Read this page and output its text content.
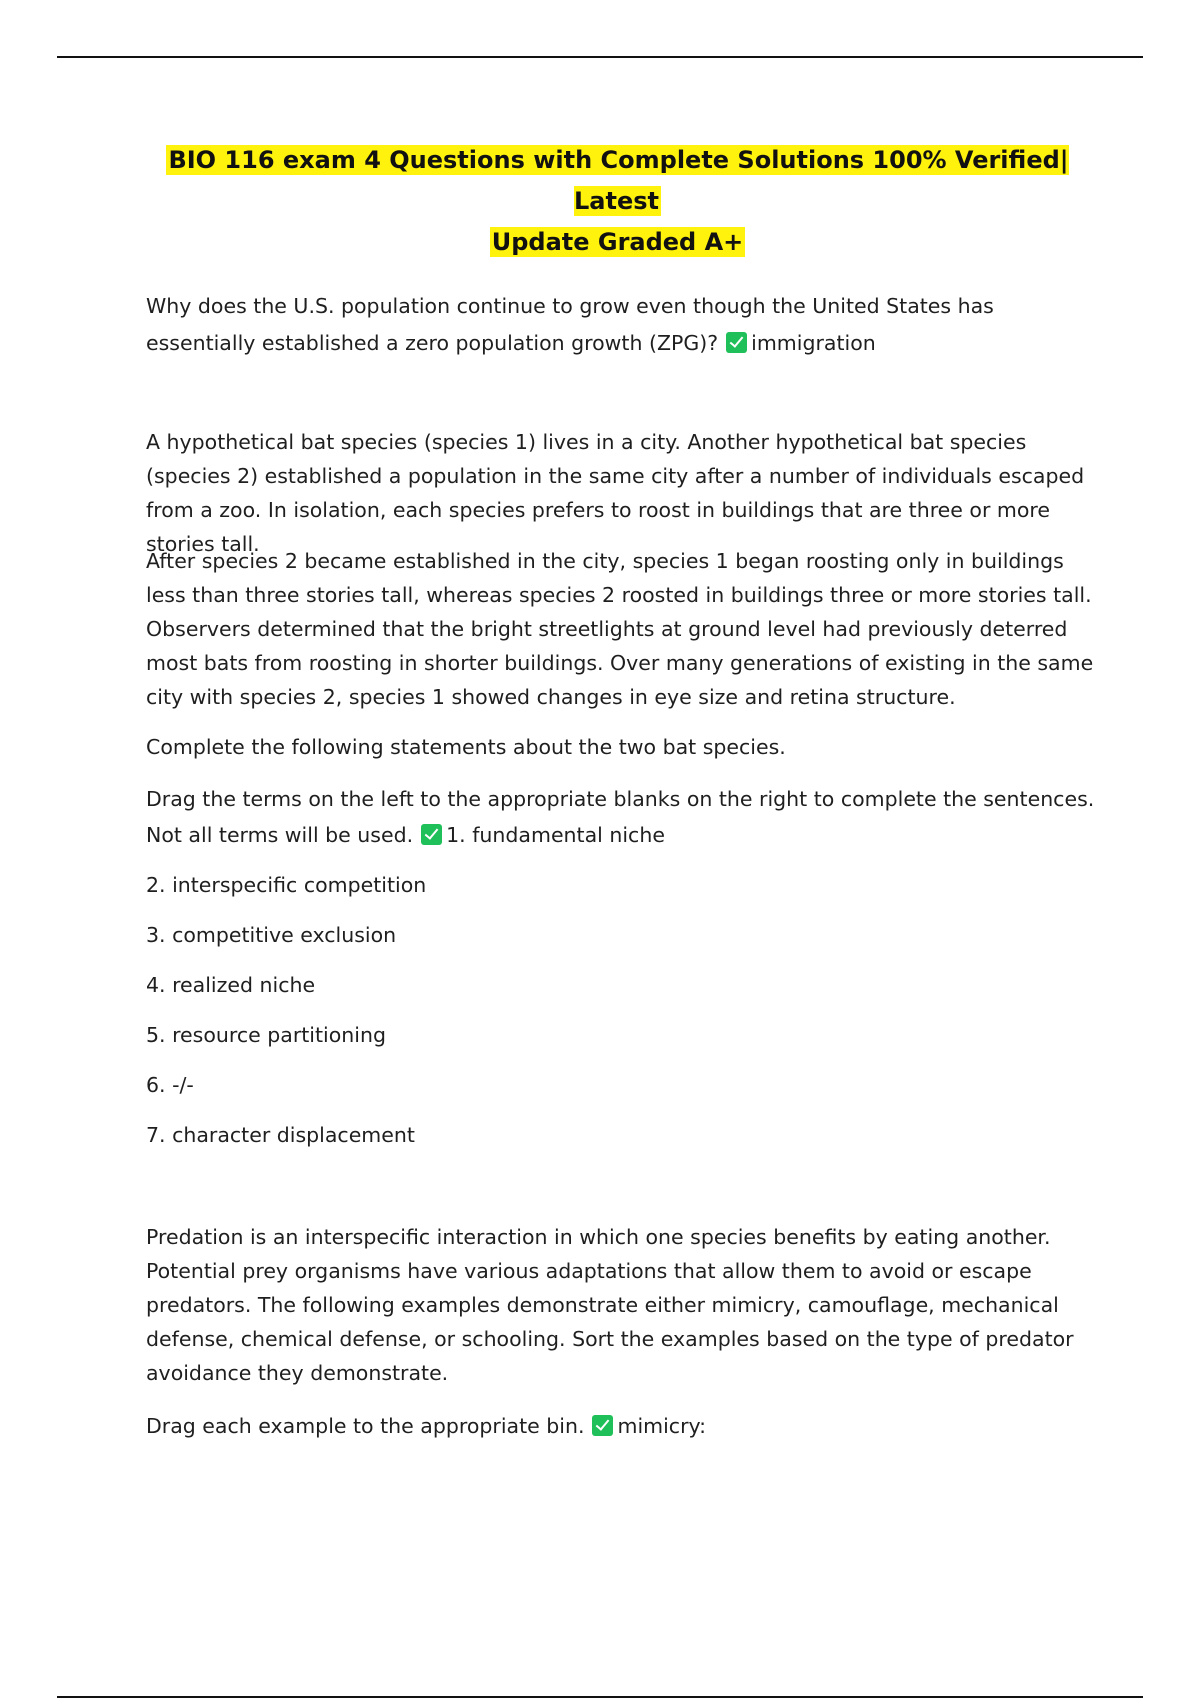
BIO 116 exam 4 Questions with Complete Solutions 100% Verified| Latest
Update Graded A+

Why does the U.S. population continue to grow even though the United States has essentially established a zero population growth (ZPG)? immigration

A hypothetical bat species (species 1) lives in a city. Another hypothetical bat species (species 2) established a population in the same city after a number of individuals escaped from a zoo. In isolation, each species prefers to roost in buildings that are three or more stories tall.

After species 2 became established in the city, species 1 began roosting only in buildings less than three stories tall, whereas species 2 roosted in buildings three or more stories tall. Observers determined that the bright streetlights at ground level had previously deterred most bats from roosting in shorter buildings. Over many generations of existing in the same city with species 2, species 1 showed changes in eye size and retina structure.

Complete the following statements about the two bat species.

Drag the terms on the left to the appropriate blanks on the right to complete the sentences. Not all terms will be used. 1. fundamental niche

2. interspecific competition

3. competitive exclusion

4. realized niche

5. resource partitioning

6. -/-

7. character displacement

Predation is an interspecific interaction in which one species benefits by eating another. Potential prey organisms have various adaptations that allow them to avoid or escape predators. The following examples demonstrate either mimicry, camouflage, mechanical defense, chemical defense, or schooling. Sort the examples based on the type of predator avoidance they demonstrate.

Drag each example to the appropriate bin. mimicry:
